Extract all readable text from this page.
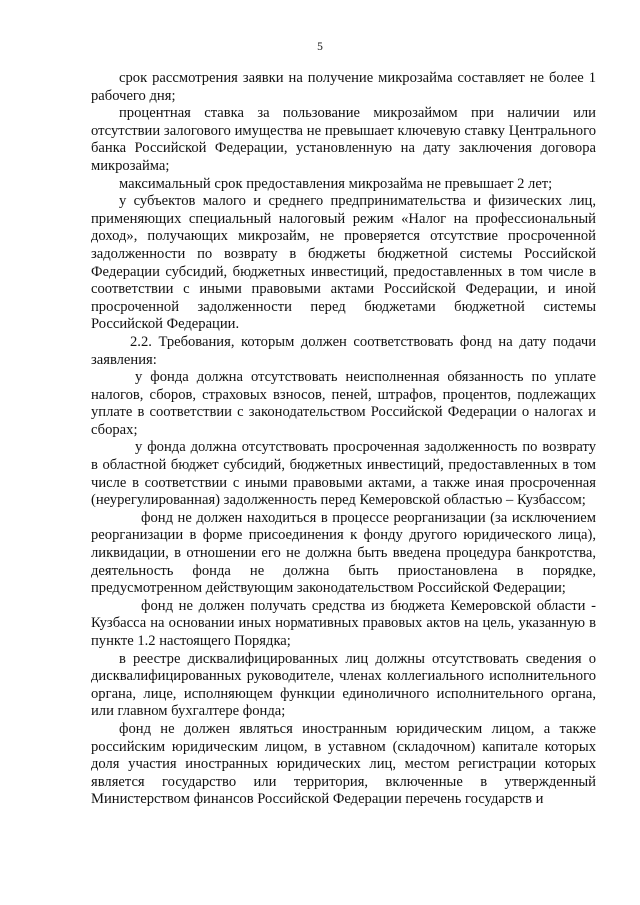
5

срок рассмотрения заявки на получение микрозайма составляет не более 1 рабочего дня;

процентная ставка за пользование микрозаймом при наличии или отсутствии залогового имущества не превышает ключевую ставку Центрального банка Российской Федерации, установленную на дату заключения договора микрозайма;

максимальный срок предоставления микрозайма не превышает 2 лет;

у субъектов малого и среднего предпринимательства и физических лиц, применяющих специальный налоговый режим «Налог на профессиональный доход», получающих микрозайм, не проверяется отсутствие просроченной задолженности по возврату в бюджеты бюджетной системы Российской Федерации субсидий, бюджетных инвестиций, предоставленных в том числе в соответствии с иными правовыми актами Российской Федерации, и иной просроченной задолженности перед бюджетами бюджетной системы Российской Федерации.

2.2. Требования, которым должен соответствовать фонд на дату подачи заявления:

у фонда должна отсутствовать неисполненная обязанность по уплате налогов, сборов, страховых взносов, пеней, штрафов, процентов, подлежащих уплате в соответствии с законодательством Российской Федерации о налогах и сборах;

у фонда должна отсутствовать просроченная задолженность по возврату в областной бюджет субсидий, бюджетных инвестиций, предоставленных в том числе в соответствии с иными правовыми актами, а также иная просроченная (неурегулированная) задолженность перед Кемеровской областью – Кузбассом;

фонд не должен находиться в процессе реорганизации (за исключением реорганизации в форме присоединения к фонду другого юридического лица), ликвидации, в отношении его не должна быть введена процедура банкротства, деятельность фонда не должна быть приостановлена в порядке, предусмотренном действующим законодательством Российской Федерации;

фонд не должен получать средства из бюджета Кемеровской области - Кузбасса на основании иных нормативных правовых актов на цель, указанную в пункте 1.2 настоящего Порядка;

в реестре дисквалифицированных лиц должны отсутствовать сведения о дисквалифицированных руководителе, членах коллегиального исполнительного органа, лице, исполняющем функции единоличного исполнительного органа, или главном бухгалтере фонда;

фонд не должен являться иностранным юридическим лицом, а также российским юридическим лицом, в уставном (складочном) капитале которых доля участия иностранных юридических лиц, местом регистрации которых является государство или территория, включенные в утвержденный Министерством финансов Российской Федерации перечень государств и
